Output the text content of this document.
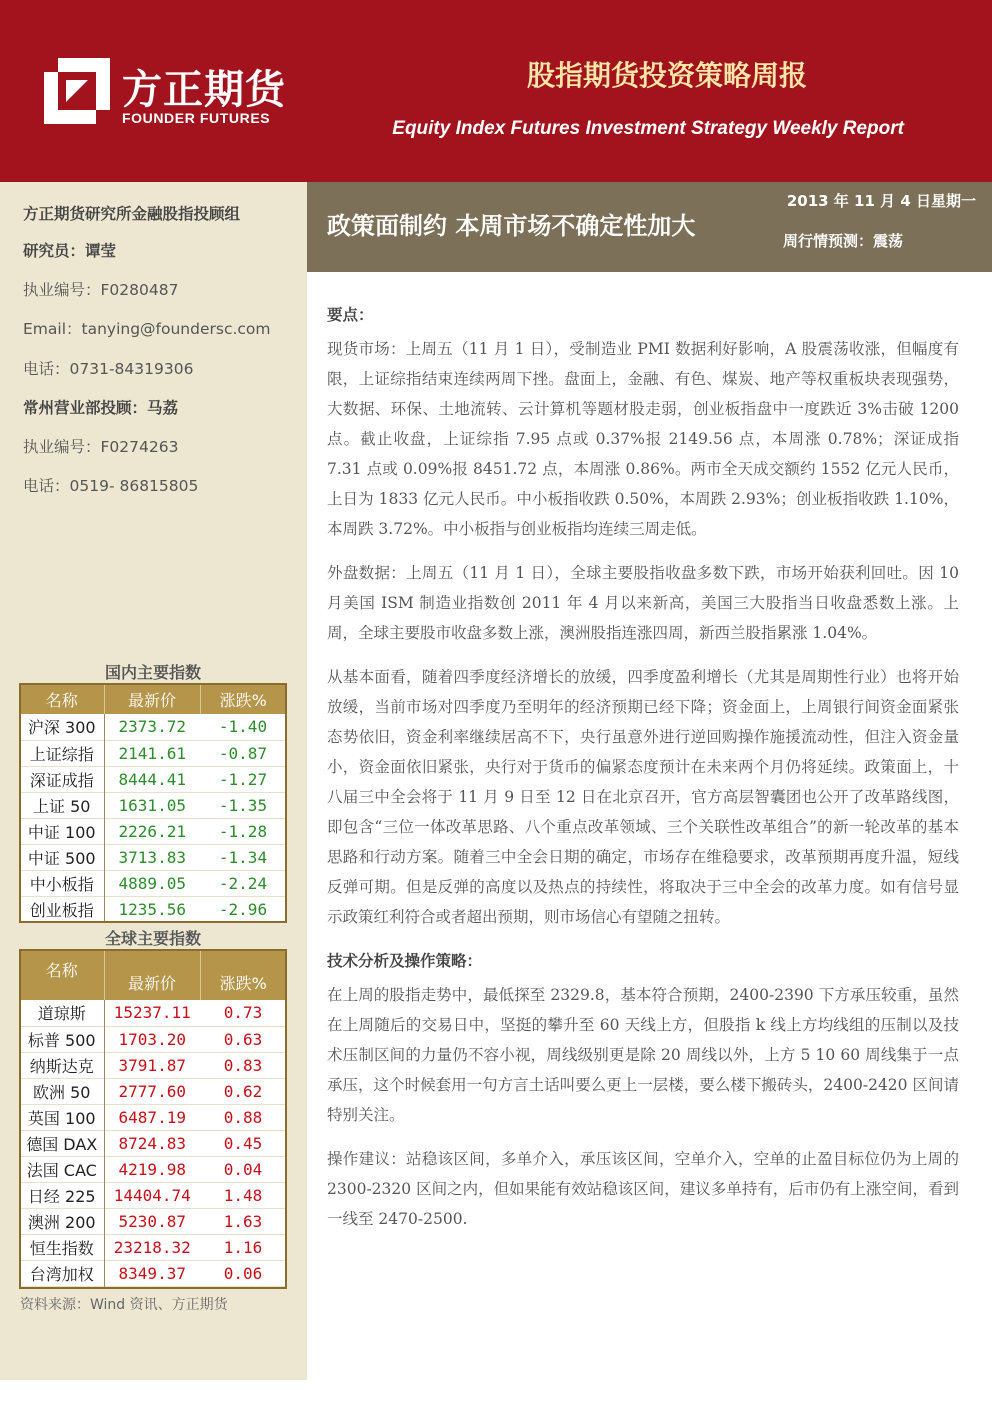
方正期货
FOUNDER FUTURES
股指期货投资策略周报
Equity Index Futures Investment Strategy Weekly Report
方正期货研究所金融股指投顾组
研究员：谭莹
执业编号：F0280487
Email：tanying@foundersc.com
电话：0731-84319306
常州营业部投顾：马荔
执业编号：F0274263
电话：0519- 86815805
国内主要指数
名称	最新价	涨跌%
沪深 300	2373.72	-1.40
上证综指	2141.61	-0.87
深证成指	8444.41	-1.27
上证 50	1631.05	-1.35
中证 100	2226.21	-1.28
中证 500	3713.83	-1.34
中小板指	4889.05	-2.24
创业板指	1235.56	-2.96
全球主要指数
名称	最新价	涨跌%
道琼斯	15237.11	0.73
标普 500	1703.20	0.63
纳斯达克	3791.87	0.83
欧洲 50	2777.60	0.62
英国 100	6487.19	0.88
德国 DAX	8724.83	0.45
法国 CAC	4219.98	0.04
日经 225	14404.74	1.48
澳洲 200	5230.87	1.63
恒生指数	23218.32	1.16
台湾加权	8349.37	0.06
资料来源：Wind 资讯、方正期货
政策面制约 本周市场不确定性加大
2013 年 11 月 4 日星期一
周行情预测：震荡
要点：
现货市场：上周五（11 月 1 日），受制造业 PMI 数据利好影响，A 股震荡收涨，但幅度有限，上证综指结束连续两周下挫。盘面上，金融、有色、煤炭、地产等权重板块表现强势，大数据、环保、土地流转、云计算机等题材股走弱，创业板指盘中一度跌近 3%击破 1200 点。截止收盘，上证综指 7.95 点或 0.37%报 2149.56 点，本周涨 0.78%；深证成指 7.31 点或 0.09%报 8451.72 点，本周涨 0.86%。两市全天成交额约 1552 亿元人民币，上日为 1833 亿元人民币。中小板指收跌 0.50%，本周跌 2.93%；创业板指收跌 1.10%，本周跌 3.72%。中小板指与创业板指均连续三周走低。
外盘数据：上周五（11 月 1 日），全球主要股指收盘多数下跌，市场开始获利回吐。因 10 月美国 ISM 制造业指数创 2011 年 4 月以来新高，美国三大股指当日收盘悉数上涨。上周，全球主要股市收盘多数上涨，澳洲股指连涨四周，新西兰股指累涨 1.04%。
从基本面看，随着四季度经济增长的放缓，四季度盈利增长（尤其是周期性行业）也将开始放缓，当前市场对四季度乃至明年的经济预期已经下降；资金面上，上周银行间资金面紧张态势依旧，资金利率继续居高不下，央行虽意外进行逆回购操作施援流动性，但注入资金量小，资金面依旧紧张，央行对于货币的偏紧态度预计在未来两个月仍将延续。政策面上，十八届三中全会将于 11 月 9 日至 12 日在北京召开，官方高层智囊团也公开了改革路线图，即包含“三位一体改革思路、八个重点改革领域、三个关联性改革组合”的新一轮改革的基本思路和行动方案。随着三中全会日期的确定，市场存在维稳要求，改革预期再度升温，短线反弹可期。但是反弹的高度以及热点的持续性，将取决于三中全会的改革力度。如有信号显示政策红利符合或者超出预期，则市场信心有望随之扭转。
技术分析及操作策略：
在上周的股指走势中，最低探至 2329.8，基本符合预期，2400-2390 下方承压较重，虽然在上周随后的交易日中，坚挺的攀升至 60 天线上方，但股指 k 线上方均线组的压制以及技术压制区间的力量仍不容小视，周线级别更是除 20 周线以外，上方 5 10 60 周线集于一点承压，这个时候套用一句方言土话叫要么更上一层楼，要么楼下搬砖头，2400-2420 区间请特别关注。
操作建议：站稳该区间，多单介入，承压该区间，空单介入，空单的止盈目标位仍为上周的 2300-2320 区间之内，但如果能有效站稳该区间，建议多单持有，后市仍有上涨空间，看到一线至 2470-2500.
